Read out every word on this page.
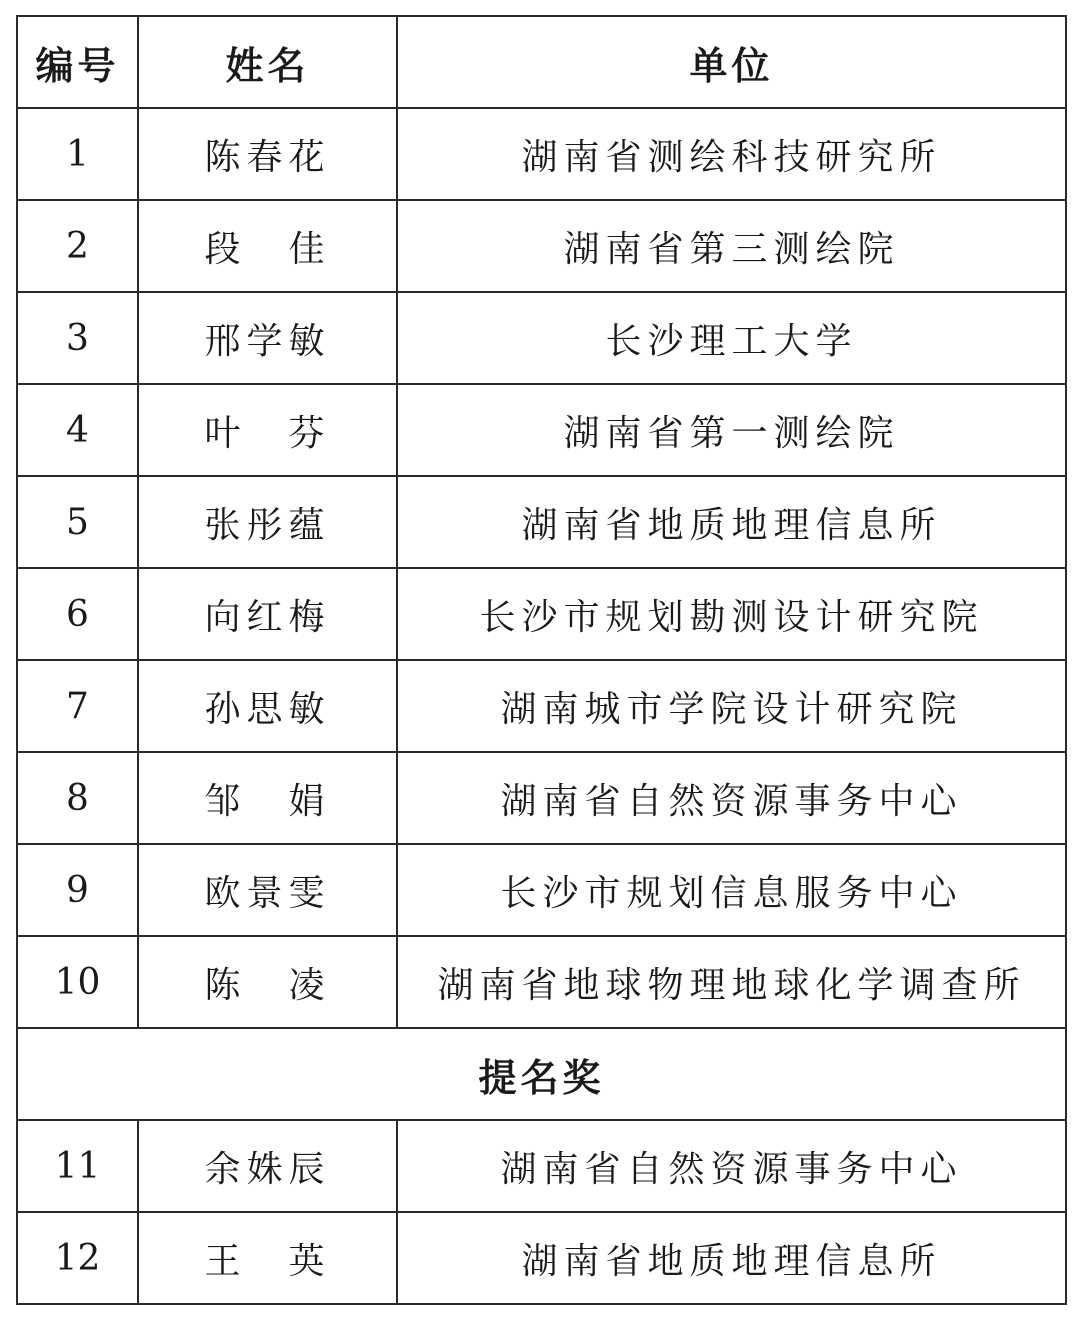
编号	姓名	单位
1	陈春花	湖南省测绘科技研究所
2	段　佳	湖南省第三测绘院
3	邢学敏	长沙理工大学
4	叶　芬	湖南省第一测绘院
5	张彤蕴	湖南省地质地理信息所
6	向红梅	长沙市规划勘测设计研究院
7	孙思敏	湖南城市学院设计研究院
8	邹　娟	湖南省自然资源事务中心
9	欧景雯	长沙市规划信息服务中心
10	陈　凌	湖南省地球物理地球化学调查所
提名奖		
11	余姝辰	湖南省自然资源事务中心
12	王　英	湖南省地质地理信息所
